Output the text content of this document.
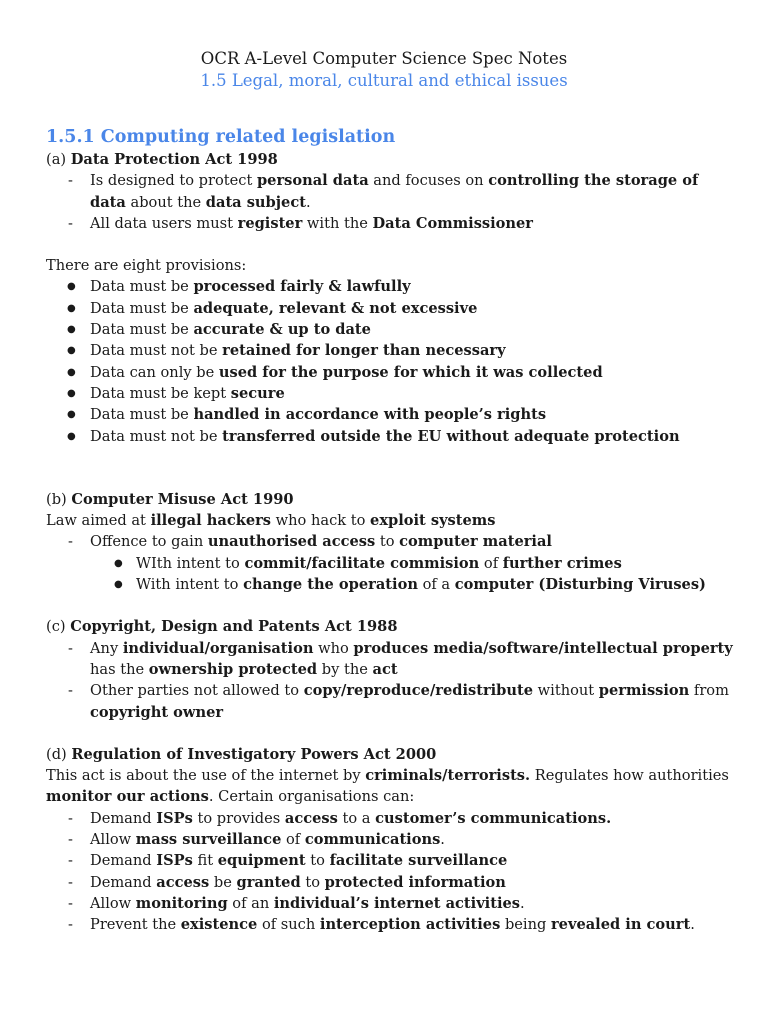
OCR A-Level Computer Science Spec Notes
1.5 Legal, moral, cultural and ethical issues
1.5.1 Computing related legislation

(a) Data Protection Act 1998

- Is designed to protect personal data and focuses on controlling the storage of data about the data subject.
- All data users must register with the Data Commissioner

There are eight provisions:

● Data must be processed fairly & lawfully
● Data must be adequate, relevant & not excessive
● Data must be accurate & up to date
● Data must not be retained for longer than necessary
● Data can only be used for the purpose for which it was collected
● Data must be kept secure
● Data must be handled in accordance with people’s rights
● Data must not be transferred outside the EU without adequate protection

(b) Computer Misuse Act 1990

Law aimed at illegal hackers who hack to exploit systems

- Offence to gain unauthorised access to computer material
● WIth intent to commit/facilitate commision of further crimes
● With intent to change the operation of a computer (Disturbing Viruses)

(c) Copyright, Design and Patents Act 1988

- Any individual/organisation who produces media/software/intellectual property has the ownership protected by the act
- Other parties not allowed to copy/reproduce/redistribute without permission from copyright owner

(d) Regulation of Investigatory Powers Act 2000

This act is about the use of the internet by criminals/terrorists. Regulates how authorities monitor our actions. Certain organisations can:

- Demand ISPs to provides access to a customer’s communications.
- Allow mass surveillance of communications.
- Demand ISPs fit equipment to facilitate surveillance
- Demand access be granted to protected information
- Allow monitoring of an individual’s internet activities.
- Prevent the existence of such interception activities being revealed in court.
